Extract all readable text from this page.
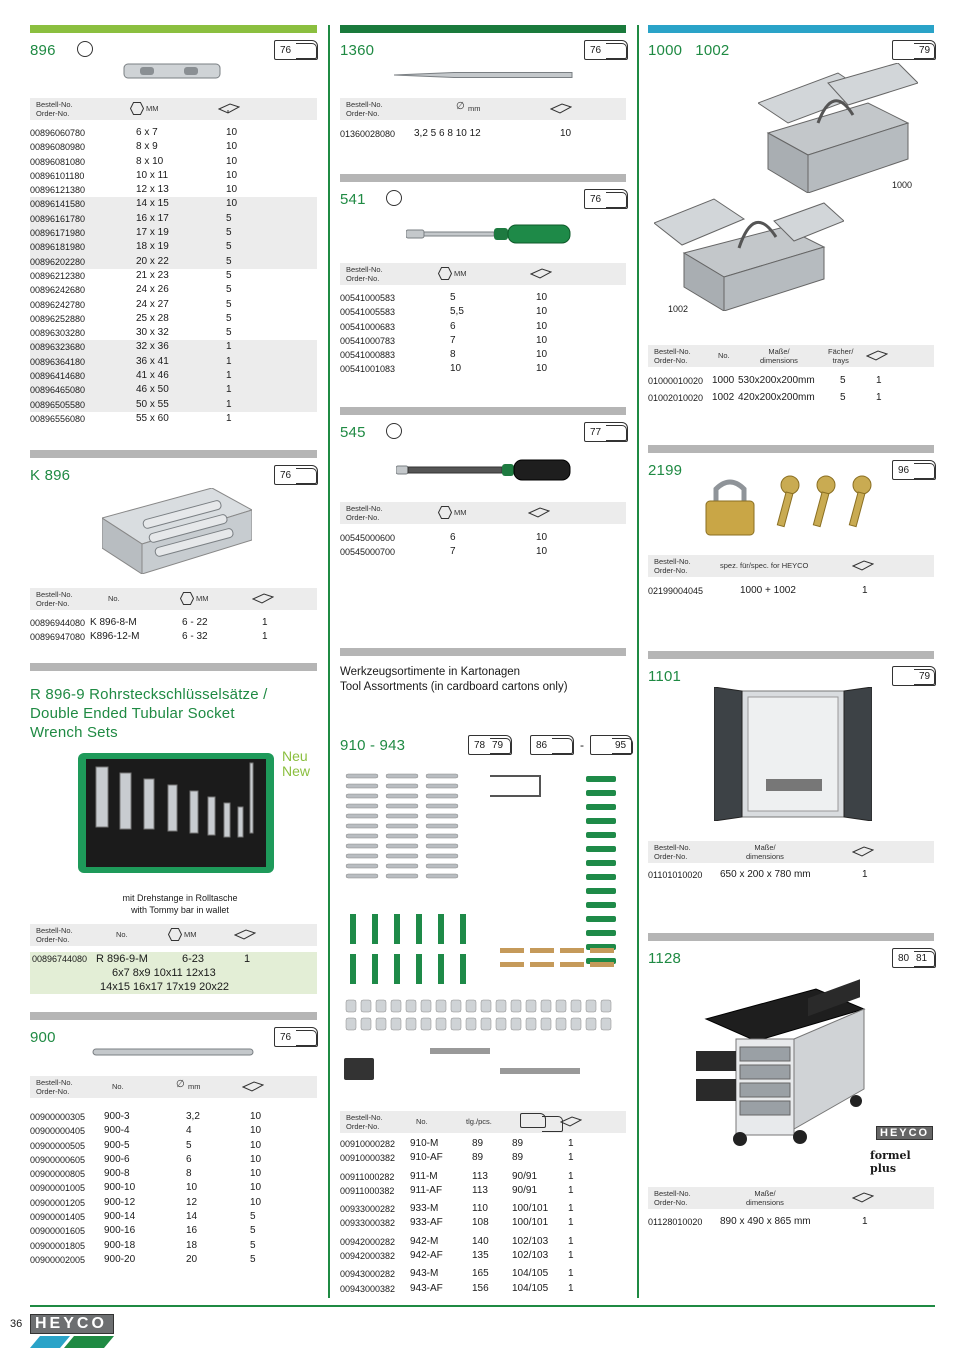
896	76
Bestell-No.
Order-No.
MM
00896060780	6 x 7	10
00896080980	8 x 9	10
00896081080	8 x 10	10
00896101180	10 x 11	10
00896121380	12 x 13	10
00896141580	14 x 15	10
00896161780	16 x 17	5
00896171980	17 x 19	5
00896181980	18 x 19	5
00896202280	20 x 22	5
00896212380	21 x 23	5
00896242680	24 x 26	5
00896242780	24 x 27	5
00896252880	25 x 28	5
00896303280	30 x 32	5
00896323680	32 x 36	1
00896364180	36 x 41	1
00896414680	41 x 46	1
00896465080	46 x 50	1
00896505580	50 x 55	1
00896556080	55 x 60	1
K 896	76
Bestell-No.
Order-No.
No.	MM
00896944080 K 896-8-M	6 - 22	1
00896947080 K896-12-M	6 - 32	1
R 896-9 Rohrsteckschlüsselsätze /
Double Ended Tubular Socket
Wrench Sets
Neu
New
mit Drehstange in Rolltasche
with Tommy bar in wallet
Bestell-No.
Order-No.
No.	MM
00896744080 R 896-9-M	6-23	1
6x7 8x9 10x11 12x13
14x15 16x17 17x19 20x22
900	76
Bestell-No.
Order-No.
No.	∅ mm
00900000305 900-3	3,2	10
00900000405 900-4	4	10
00900000505 900-5	5	10
00900000605 900-6	6	10
00900000805 900-8	8	10
00900001005 900-10	10	10
00900001205 900-12	12	10
00900001405 900-14	14	5
00900001605 900-16	16	5
00900001805 900-18	18	5
00900002005 900-20	20	5
1360	76
Bestell-No.
Order-No.
∅ mm
01360028080 3,2 5 6 8 10 12	10
541	76
Bestell-No.
Order-No.
MM
00541000583	5	10
00541005583	5,5	10
00541000683	6	10
00541000783	7	10
00541000883	8	10
00541001083	10	10
545	77
Bestell-No.
Order-No.
MM
00545000600	6	10
00545000700	7	10
Werkzeugsortimente in Kartonagen
Tool Assortments (in cardboard cartons only)
910 - 943	78 79	86	-	95
Bestell-No.
Order-No.
No.	tlg./pcs.
00910000282 910-M	89	89	1
00910000382 910-AF	89	89	1
00911000282 911-M	113 90/91	1
00911000382 911-AF	113 90/91	1
00933000282 933-M	110 100/101 1
00933000382 933-AF	108 100/101 1
00942000282 942-M	140 102/103 1
00942000382 942-AF	135 102/103 1
00943000282 943-M	165 104/105 1
00943000382 943-AF	156 104/105 1
1000   1002	79
1000
1002
Bestell-No.
Order-No.
No.	Maße/
dimensions
Fächer/
trays
01000010020 1000 530x200x200mm	5	1
01002010020 1002 420x200x200mm	5	1
2199	96
Bestell-No.
Order-No.
spez. für/spec. for HEYCO
02199004045	1000 + 1002	1
1101	79
Bestell-No.
Order-No.
Maße/
dimensions
01101010020 650 x 200 x 780 mm	1
1128	80 81
HEYCO
formel plus
Bestell-No.
Order-No.
Maße/
dimensions
01128010020 890 x 490 x 865 mm	1
36 HEYCO
